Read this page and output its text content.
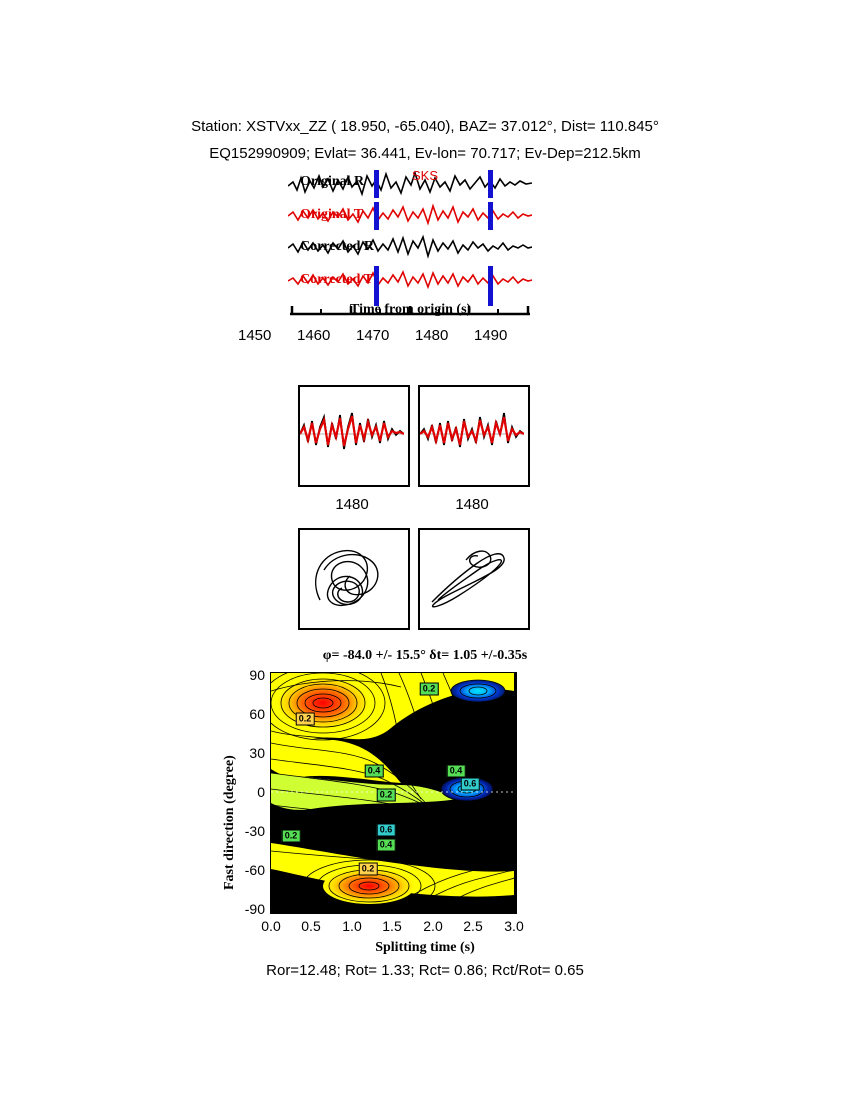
Station: XSTVxx_ZZ ( 18.950, -65.040), BAZ= 37.012°, Dist= 110.845°
EQ152990909; Evlat= 36.441, Ev-lon= 70.717; Ev-Dep=212.5km
Original R
Original T
Corrected R
Corrected T
SKS
Time from origin (s)
1450 1460 1470 1480 1490
1480	1480
φ= -84.0 +/- 15.5° δt= 1.05 +/-0.35s
Fast direction (degree)
90
60
30
0
-30
-60
-90
0.0 0.5 1.0 1.5 2.0 2.5 3.0
0.2
0.2
0.4	0.4
0.6
0.2
0.2
0.6
0.4
0.2
Splitting time (s)
Ror=12.48; Rot= 1.33; Rct= 0.86; Rct/Rot= 0.65
